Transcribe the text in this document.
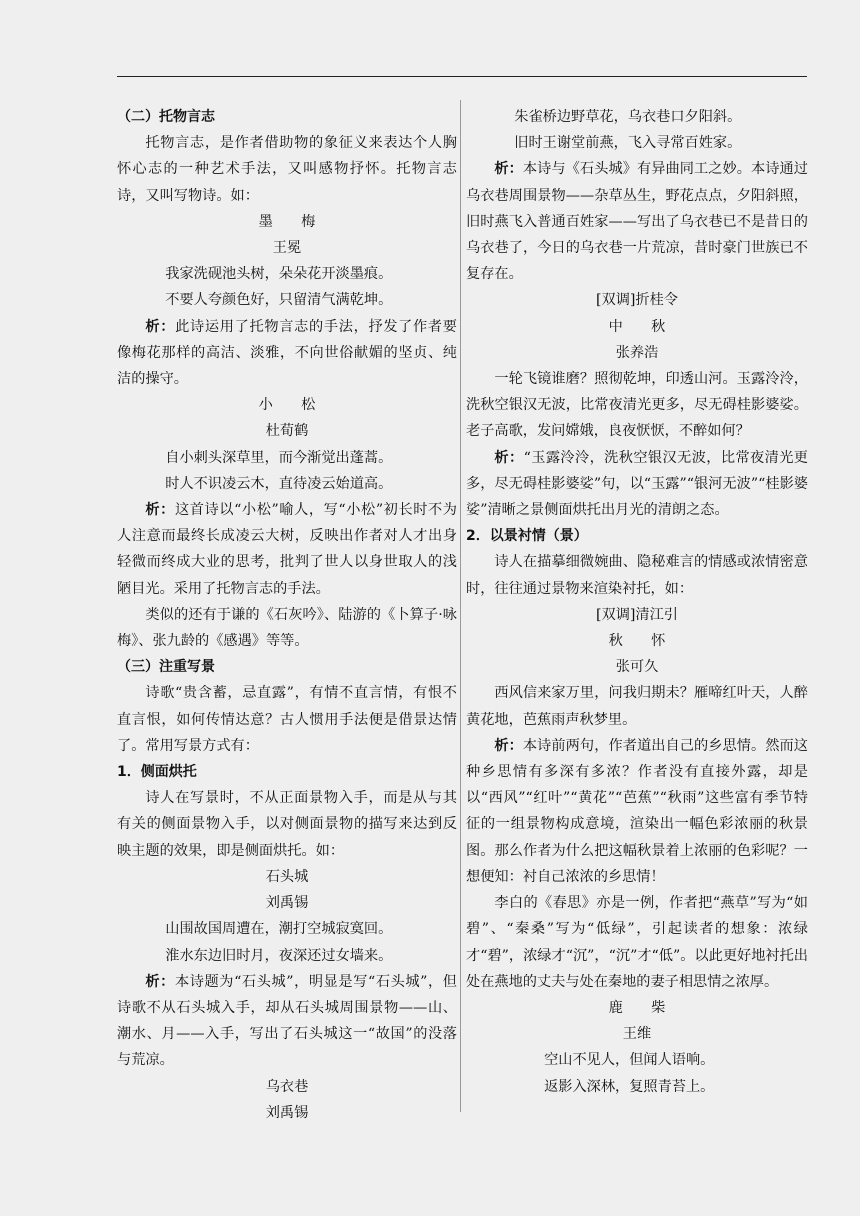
（二）托物言志

托物言志，是作者借助物的象征义来表达个人胸怀心志的一种艺术手法，又叫感物抒怀。托物言志诗，又叫写物诗。如：

墨　　梅

王冕

我家洗砚池头树，朵朵花开淡墨痕。

不要人夸颜色好，只留清气满乾坤。

析：此诗运用了托物言志的手法，抒发了作者要像梅花那样的高洁、淡雅，不向世俗献媚的坚贞、纯洁的操守。

小　　松

杜荀鹤

自小刺头深草里，而今渐觉出蓬蒿。

时人不识凌云木，直待凌云始道高。

析：这首诗以“小松”喻人，写“小松”初长时不为人注意而最终长成凌云大树，反映出作者对人才出身轻微而终成大业的思考，批判了世人以身世取人的浅陋目光。采用了托物言志的手法。

类似的还有于谦的《石灰吟》、陆游的《卜算子·咏梅》、张九龄的《感遇》等等。

（三）注重写景

诗歌“贵含蓄，忌直露”，有情不直言情，有恨不直言恨，如何传情达意？古人惯用手法便是借景达情了。常用写景方式有：

1．侧面烘托

诗人在写景时，不从正面景物入手，而是从与其有关的侧面景物入手，以对侧面景物的描写来达到反映主题的效果，即是侧面烘托。如：

石头城

刘禹锡

山围故国周遭在，潮打空城寂寞回。

淮水东边旧时月，夜深还过女墙来。

析：本诗题为“石头城”，明显是写“石头城”，但诗歌不从石头城入手，却从石头城周围景物——山、潮水、月——入手，写出了石头城这一“故国”的没落与荒凉。

乌衣巷

刘禹锡

朱雀桥边野草花，乌衣巷口夕阳斜。

旧时王谢堂前燕，飞入寻常百姓家。

析：本诗与《石头城》有异曲同工之妙。本诗通过乌衣巷周围景物——杂草丛生，野花点点，夕阳斜照，旧时燕飞入普通百姓家——写出了乌衣巷已不是昔日的乌衣巷了，今日的乌衣巷一片荒凉，昔时豪门世族已不复存在。

[双调]折桂令

中　　秋

张养浩

一轮飞镜谁磨？照彻乾坤，印透山河。玉露泠泠，洗秋空银汉无波，比常夜清光更多，尽无碍桂影婆娑。老子高歌，发问嫦娥，良夜恹恹，不醉如何？

析：“玉露泠泠，洗秋空银汉无波，比常夜清光更多，尽无碍桂影婆娑”句，以“玉露”“银河无波”“桂影婆娑”清晰之景侧面烘托出月光的清朗之态。

2．以景衬情（景）

诗人在描摹细微婉曲、隐秘难言的情感或浓情密意时，往往通过景物来渲染衬托，如：

[双调]清江引

秋　　怀

张可久

西风信来家万里，问我归期未？雁啼红叶天，人醉黄花地，芭蕉雨声秋梦里。

析：本诗前两句，作者道出自己的乡思情。然而这种乡思情有多深有多浓？作者没有直接外露，却是以“西风”“红叶”“黄花”“芭蕉”“秋雨”这些富有季节特征的一组景物构成意境，渲染出一幅色彩浓丽的秋景图。那么作者为什么把这幅秋景着上浓丽的色彩呢？一想便知：衬自己浓浓的乡思情！

李白的《春思》亦是一例，作者把“燕草”写为“如碧”、“秦桑”写为“低绿”，引起读者的想象：浓绿才“碧”，浓绿才“沉”，“沉”才“低”。以此更好地衬托出处在燕地的丈夫与处在秦地的妻子相思情之浓厚。

鹿　　柴

王维

空山不见人，但闻人语响。

返影入深林，复照青苔上。
